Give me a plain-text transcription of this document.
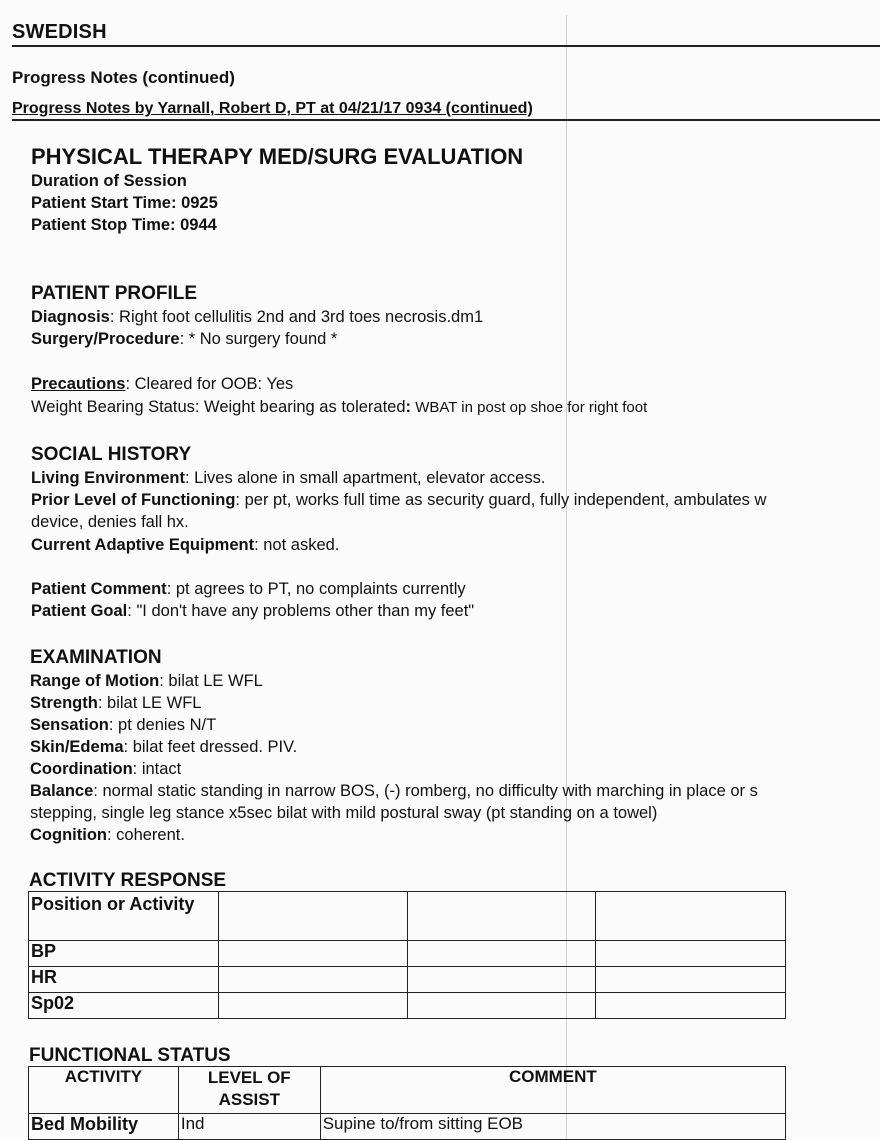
SWEDISH
Progress Notes (continued)
Progress Notes by Yarnall, Robert D, PT at 04/21/17 0934 (continued)
PHYSICAL THERAPY MED/SURG EVALUATION
Duration of Session
Patient Start Time: 0925
Patient Stop Time: 0944
PATIENT PROFILE
Diagnosis: Right foot cellulitis 2nd and 3rd toes necrosis.dm1
Surgery/Procedure: * No surgery found *
Precautions: Cleared for OOB: Yes
Weight Bearing Status: Weight bearing as tolerated: WBAT in post op shoe for right foot
SOCIAL HISTORY
Living Environment: Lives alone in small apartment, elevator access.
Prior Level of Functioning: per pt, works full time as security guard, fully independent, ambulates w
device, denies fall hx.
Current Adaptive Equipment: not asked.
Patient Comment: pt agrees to PT, no complaints currently
Patient Goal: "I don't have any problems other than my feet"
EXAMINATION
Range of Motion: bilat LE WFL
Strength: bilat LE WFL
Sensation: pt denies N/T
Skin/Edema: bilat feet dressed. PIV.
Coordination: intact
Balance: normal static standing in narrow BOS, (-) romberg, no difficulty with marching in place or s
stepping, single leg stance x5sec bilat with mild postural sway (pt standing on a towel)
Cognition: coherent.
ACTIVITY RESPONSE
Position or Activity			
BP			
HR			
Sp02			
FUNCTIONAL STATUS
ACTIVITY	LEVEL OF ASSIST	COMMENT
Bed Mobility	Ind	Supine to/from sitting EOB
